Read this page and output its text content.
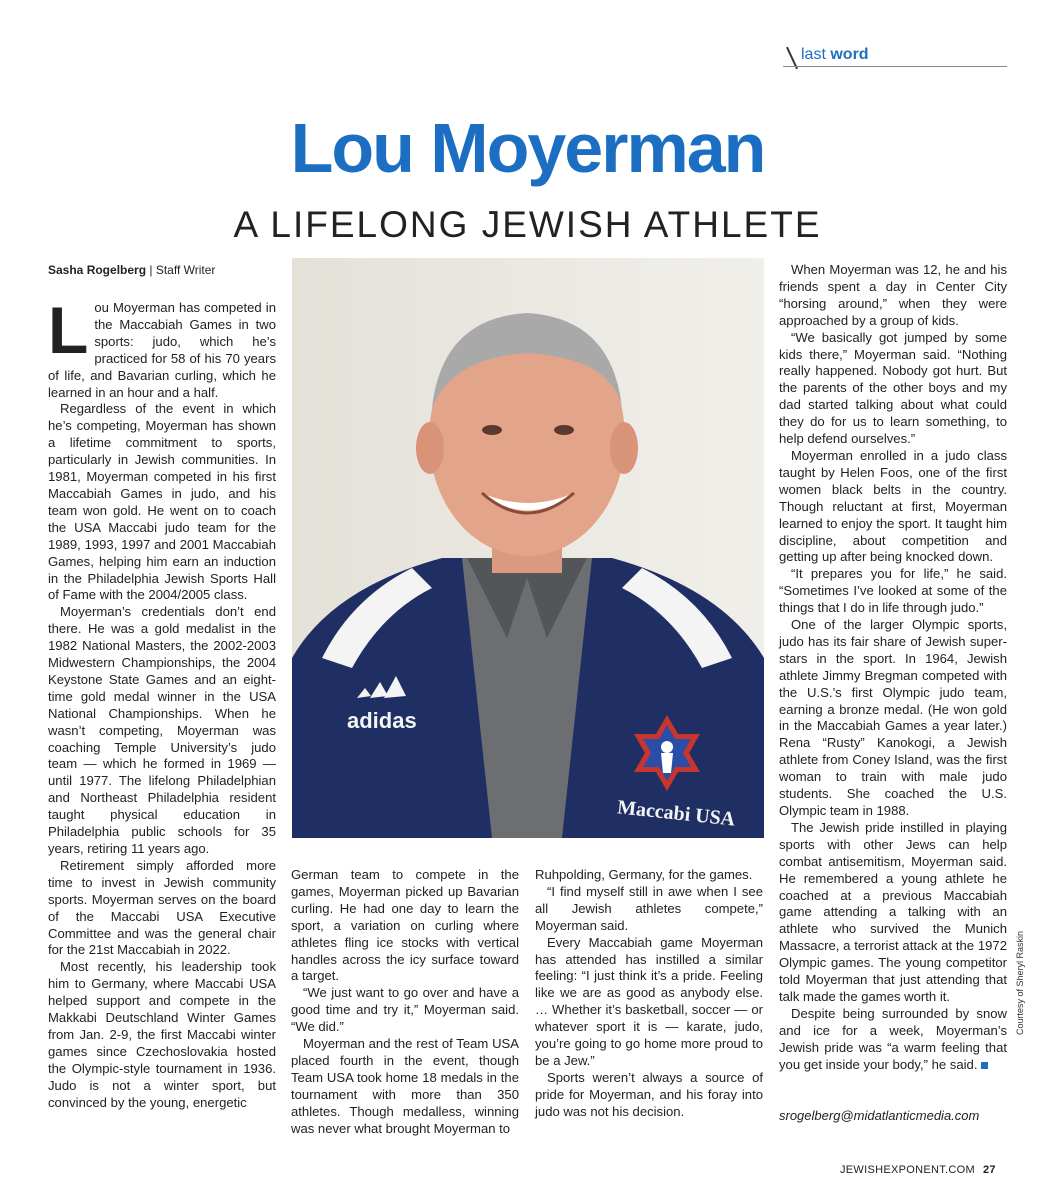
last word
Lou Moyerman
A LIFELONG JEWISH ATHLETE
Sasha Rogelberg | Staff Writer
adidas
Maccabi USA

Lou Moyerman has competed in the Maccabiah Games in two sports: judo, which he’s practiced for 58 of his 70 years of life, and Bavarian curling, which he learned in an hour and a half.

Regardless of the event in which he’s competing, Moyerman has shown a lifetime commitment to sports, particularly in Jewish communities. In 1981, Moyerman competed in his first Maccabiah Games in judo, and his team won gold. He went on to coach the USA Maccabi judo team for the 1989, 1993, 1997 and 2001 Maccabiah Games, helping him earn an induction in the Philadelphia Jewish Sports Hall of Fame with the 2004/2005 class.

Moyerman’s credentials don’t end there. He was a gold medalist in the 1982 National Masters, the 2002-2003 Midwestern Championships, the 2004 Keystone State Games and an eight-time gold medal winner in the USA National Championships. When he wasn’t competing, Moyerman was coaching Temple University’s judo team — which he formed in 1969 — until 1977. The lifelong Philadelphian and Northeast Philadelphia resident taught physical education in Philadelphia public schools for 35 years, retiring 11 years ago.

Retirement simply afforded more time to invest in Jewish community sports. Moyerman serves on the board of the Maccabi USA Executive Committee and was the general chair for the 21st Maccabiah in 2022.

Most recently, his leadership took him to Germany, where Maccabi USA helped support and compete in the Makkabi Deutschland Winter Games from Jan. 2-9, the first Maccabi winter games since Czechoslovakia hosted the Olympic-style tournament in 1936. Judo is not a winter sport, but convinced by the young, energetic

German team to compete in the games, Moyerman picked up Bavarian curling. He had one day to learn the sport, a variation on curling where athletes fling ice stocks with vertical handles across the icy surface toward a target.

“We just want to go over and have a good time and try it,” Moyerman said. “We did.”

Moyerman and the rest of Team USA placed fourth in the event, though Team USA took home 18 medals in the tournament with more than 350 athletes. Though medalless, winning was never what brought Moyerman to

Ruhpolding, Germany, for the games.

“I find myself still in awe when I see all Jewish athletes compete,” Moyerman said.

Every Maccabiah game Moyerman has attended has instilled a similar feeling: “I just think it’s a pride. Feeling like we are as good as anybody else. … Whether it’s basketball, soccer — or whatever sport it is — karate, judo, you’re going to go home more proud to be a Jew.”

Sports weren’t always a source of pride for Moyerman, and his foray into judo was not his decision.

When Moyerman was 12, he and his friends spent a day in Center City “horsing around,” when they were approached by a group of kids.

“We basically got jumped by some kids there,” Moyerman said. “Nothing really happened. Nobody got hurt. But the parents of the other boys and my dad started talking about what could they do for us to learn something, to help defend ourselves.”

Moyerman enrolled in a judo class taught by Helen Foos, one of the first women black belts in the country. Though reluctant at first, Moyerman learned to enjoy the sport. It taught him discipline, about competition and getting up after being knocked down.

“It prepares you for life,” he said. “Sometimes I’ve looked at some of the things that I do in life through judo.”

One of the larger Olympic sports, judo has its fair share of Jewish super-stars in the sport. In 1964, Jewish athlete Jimmy Bregman competed with the U.S.’s first Olympic judo team, earning a bronze medal. (He won gold in the Maccabiah Games a year later.) Rena “Rusty” Kanokogi, a Jewish athlete from Coney Island, was the first woman to train with male judo students. She coached the U.S. Olympic team in 1988.

The Jewish pride instilled in playing sports with other Jews can help combat antisemitism, Moyerman said. He remembered a young athlete he coached at a previous Maccabiah game attending a talking with an athlete who survived the Munich Massacre, a terrorist attack at the 1972 Olympic games. The young competitor told Moyerman that just attending that talk made the games worth it.

Despite being surrounded by snow and ice for a week, Moyerman’s Jewish pride was “a warm feeling that you get inside your body,” he said.

srogelberg@midatlanticmedia.com
Courtesy of Sheryl Raskin
JEWISHEXPONENT.COM 27
